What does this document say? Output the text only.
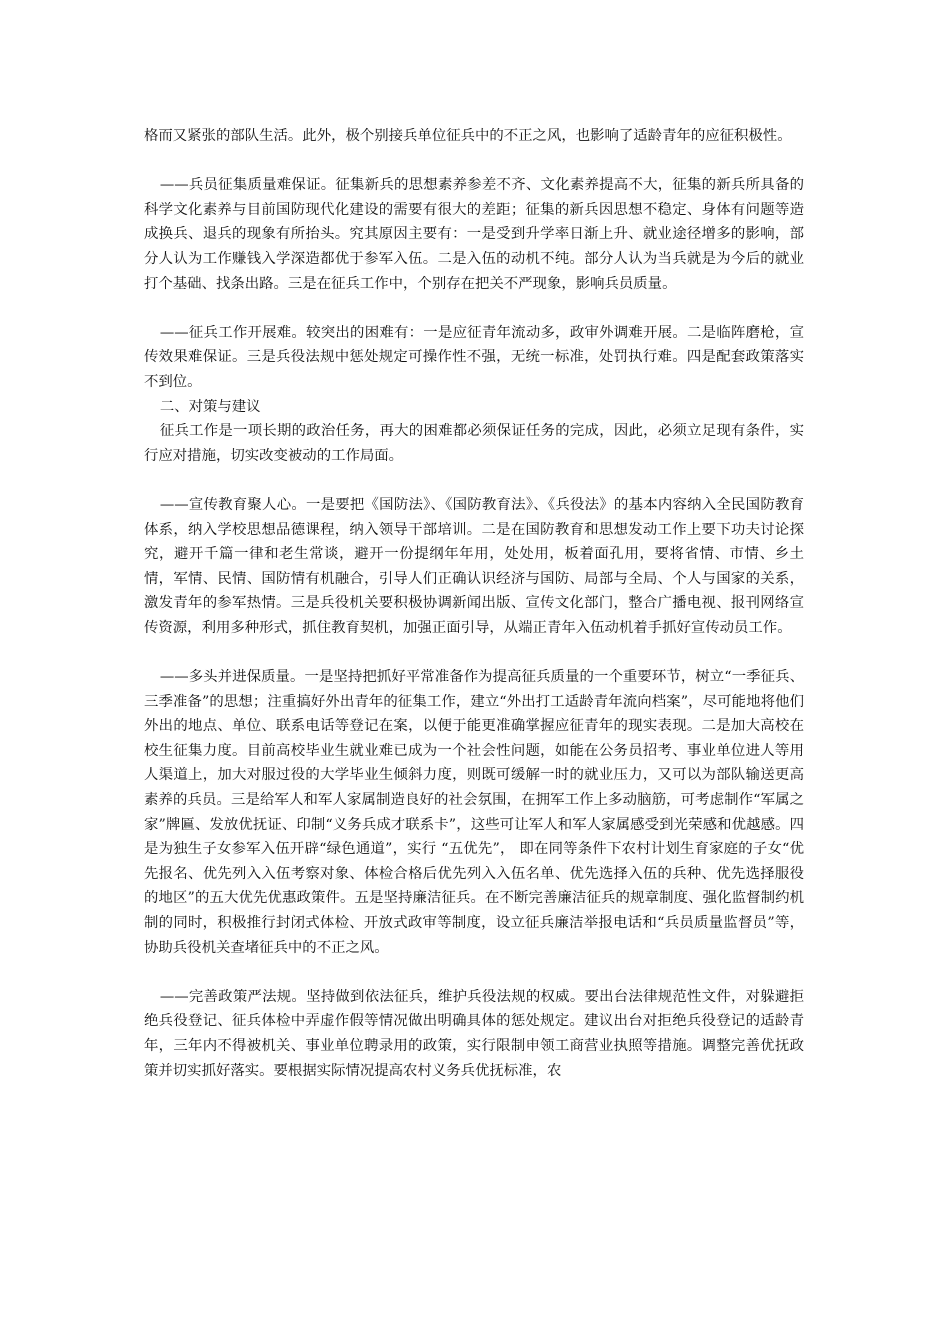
格而又紧张的部队生活。此外，极个别接兵单位征兵中的不正之风，也影响了适龄青年的应征积极性。

——兵员征集质量难保证。征集新兵的思想素养参差不齐、文化素养提高不大，征集的新兵所具备的科学文化素养与目前国防现代化建设的需要有很大的差距；征集的新兵因思想不稳定、身体有问题等造成换兵、退兵的现象有所抬头。究其原因主要有：一是受到升学率日渐上升、就业途径增多的影响，部分人认为工作赚钱入学深造都优于参军入伍。二是入伍的动机不纯。部分人认为当兵就是为今后的就业打个基础、找条出路。三是在征兵工作中，个别存在把关不严现象，影响兵员质量。

——征兵工作开展难。较突出的困难有：一是应征青年流动多，政审外调难开展。二是临阵磨枪，宣传效果难保证。三是兵役法规中惩处规定可操作性不强，无统一标准，处罚执行难。四是配套政策落实不到位。

二、对策与建议

征兵工作是一项长期的政治任务，再大的困难都必须保证任务的完成，因此，必须立足现有条件，实行应对措施，切实改变被动的工作局面。

——宣传教育聚人心。一是要把《国防法》、《国防教育法》、《兵役法》的基本内容纳入全民国防教育体系，纳入学校思想品德课程，纳入领导干部培训。二是在国防教育和思想发动工作上要下功夫讨论探究，避开千篇一律和老生常谈，避开一份提纲年年用，处处用，板着面孔用，要将省情、市情、乡土情，军情、民情、国防情有机融合，引导人们正确认识经济与国防、局部与全局、个人与国家的关系，激发青年的参军热情。三是兵役机关要积极协调新闻出版、宣传文化部门，整合广播电视、报刊网络宣传资源，利用多种形式，抓住教育契机，加强正面引导，从端正青年入伍动机着手抓好宣传动员工作。

——多头并进保质量。一是坚持把抓好平常准备作为提高征兵质量的一个重要环节，树立“一季征兵、三季准备”的思想；注重搞好外出青年的征集工作，建立“外出打工适龄青年流向档案”，尽可能地将他们外出的地点、单位、联系电话等登记在案，以便于能更准确掌握应征青年的现实表现。二是加大高校在校生征集力度。目前高校毕业生就业难已成为一个社会性问题，如能在公务员招考、事业单位进人等用人渠道上，加大对服过役的大学毕业生倾斜力度，则既可缓解一时的就业压力，又可以为部队输送更高素养的兵员。三是给军人和军人家属制造良好的社会氛围，在拥军工作上多动脑筋，可考虑制作“军属之家”牌匾、发放优抚证、印制“义务兵成才联系卡”，这些可让军人和军人家属感受到光荣感和优越感。四是为独生子女参军入伍开辟“绿色通道”，实行 “五优先”， 即在同等条件下农村计划生育家庭的子女“优先报名、优先列入入伍考察对象、体检合格后优先列入入伍名单、优先选择入伍的兵种、优先选择服役的地区”的五大优先优惠政策件。五是坚持廉洁征兵。在不断完善廉洁征兵的规章制度、强化监督制约机制的同时，积极推行封闭式体检、开放式政审等制度，设立征兵廉洁举报电话和“兵员质量监督员”等，协助兵役机关查堵征兵中的不正之风。

——完善政策严法规。坚持做到依法征兵，维护兵役法规的权威。要出台法律规范性文件，对躲避拒绝兵役登记、征兵体检中弄虚作假等情况做出明确具体的惩处规定。建议出台对拒绝兵役登记的适龄青年，三年内不得被机关、事业单位聘录用的政策，实行限制申领工商营业执照等措施。调整完善优抚政策并切实抓好落实。要根据实际情况提高农村义务兵优抚标准，农
